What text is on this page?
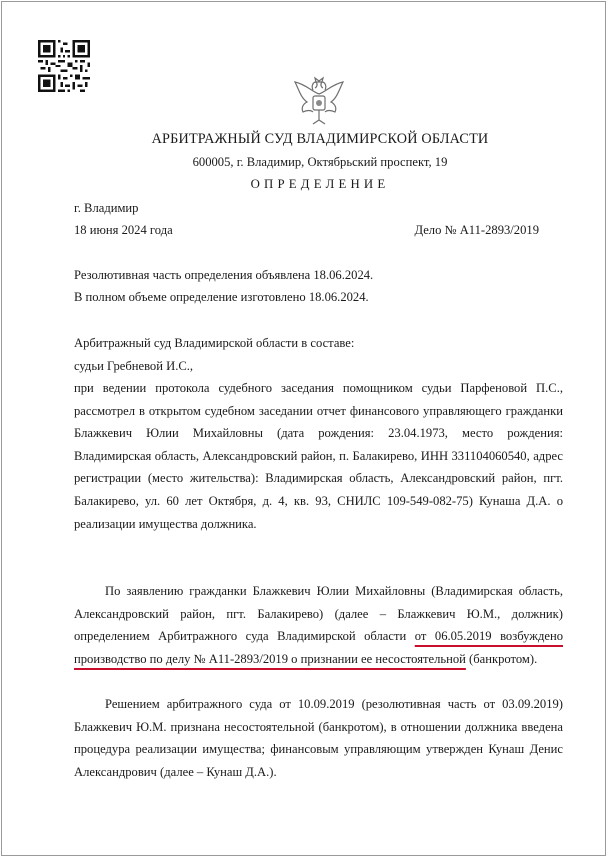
АРБИТРАЖНЫЙ СУД ВЛАДИМИРСКОЙ ОБЛАСТИ
600005, г. Владимир, Октябрьский проспект, 19
ОПРЕДЕЛЕНИЕ
г. Владимир
18 июня 2024 года	Дело № А11-2893/2019
Резолютивная часть определения объявлена 18.06.2024.
В полном объеме определение изготовлено 18.06.2024.
Арбитражный суд Владимирской области в составе:
судьи Гребневой И.С.,
при ведении протокола судебного заседания помощником судьи Парфеновой П.С., рассмотрел в открытом судебном заседании отчет финансового управляющего гражданки Блажкевич Юлии Михайловны (дата рождения: 23.04.1973, место рождения: Владимирская область, Александровский район, п. Балакирево, ИНН 331104060540, адрес регистрации (место жительства): Владимирская область, Александровский район, пгт. Балакирево, ул. 60 лет Октября, д. 4, кв. 93, СНИЛС 109-549-082-75) Кунаша Д.А. о реализации имущества должника.
По заявлению гражданки Блажкевич Юлии Михайловны (Владимирская область, Александровский район, пгт. Балакирево) (далее – Блажкевич Ю.М., должник) определением Арбитражного суда Владимирской области от 06.05.2019 возбуждено производство по делу № А11-2893/2019 о признании ее несостоятельной (банкротом).
Решением арбитражного суда от 10.09.2019 (резолютивная часть от 03.09.2019) Блажкевич Ю.М. признана несостоятельной (банкротом), в отношении должника введена процедура реализации имущества; финансовым управляющим утвержден Кунаш Денис Александрович (далее – Кунаш Д.А.).
